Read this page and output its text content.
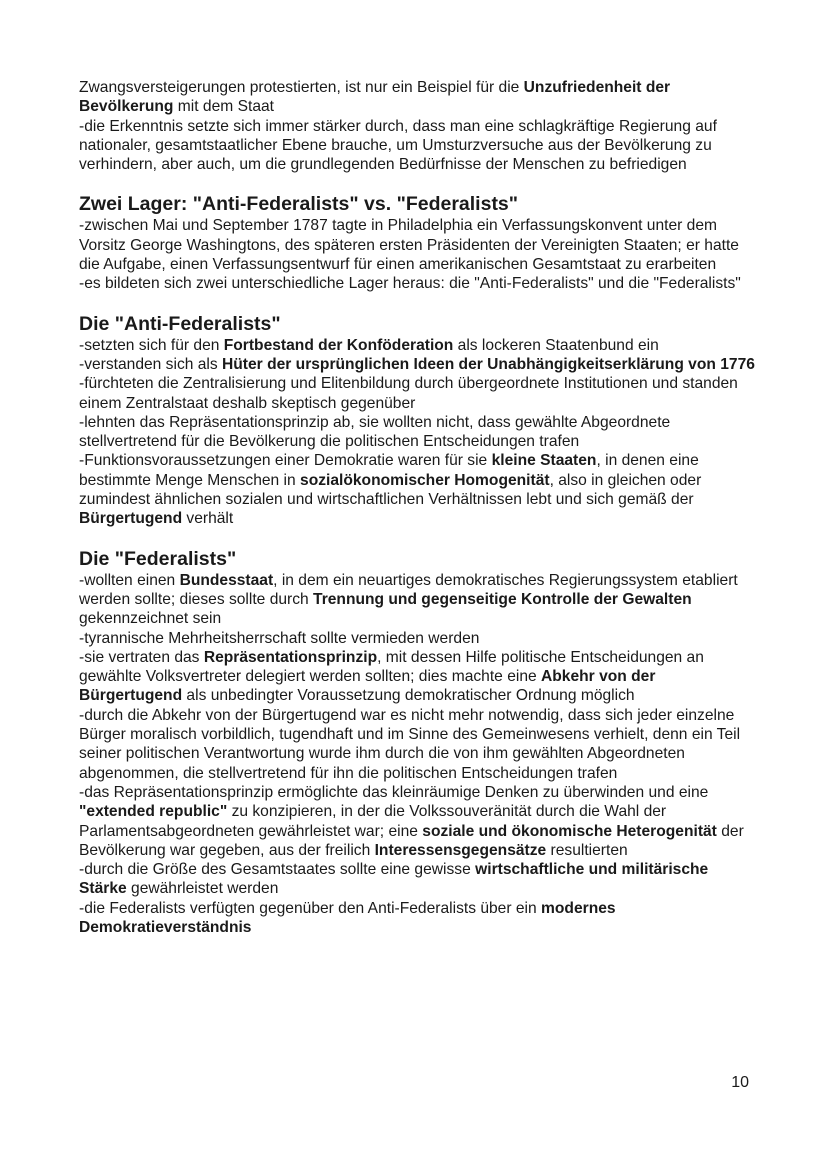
Zwangsversteigerungen protestierten, ist nur ein Beispiel für die Unzufriedenheit der Bevölkerung mit dem Staat

-die Erkenntnis setzte sich immer stärker durch, dass man eine schlagkräftige Regierung auf nationaler, gesamtstaatlicher Ebene brauche, um Umsturzversuche aus der Bevölkerung zu verhindern, aber auch, um die grundlegenden Bedürfnisse der Menschen zu befriedigen

Zwei Lager: "Anti-Federalists" vs. "Federalists"

-zwischen Mai und September 1787 tagte in Philadelphia ein Verfassungskonvent unter dem Vorsitz George Washingtons, des späteren ersten Präsidenten der Vereinigten Staaten; er hatte die Aufgabe, einen Verfassungsentwurf für einen amerikanischen Gesamtstaat zu erarbeiten

-es bildeten sich zwei unterschiedliche Lager heraus: die "Anti-Federalists" und die "Federalists"

Die "Anti-Federalists"

-setzten sich für den Fortbestand der Konföderation als lockeren Staatenbund ein

-verstanden sich als Hüter der ursprünglichen Ideen der Unabhängigkeitserklärung von 1776

-fürchteten die Zentralisierung und Elitenbildung durch übergeordnete Institutionen und standen einem Zentralstaat deshalb skeptisch gegenüber

-lehnten das Repräsentationsprinzip ab, sie wollten nicht, dass gewählte Abgeordnete stellvertretend für die Bevölkerung die politischen Entscheidungen trafen

-Funktionsvoraussetzungen einer Demokratie waren für sie kleine Staaten, in denen eine bestimmte Menge Menschen in sozialökonomischer Homogenität, also in gleichen oder zumindest ähnlichen sozialen und wirtschaftlichen Verhältnissen lebt und sich gemäß der Bürgertugend verhält

Die "Federalists"

-wollten einen Bundesstaat, in dem ein neuartiges demokratisches Regierungssystem etabliert werden sollte; dieses sollte durch Trennung und gegenseitige Kontrolle der Gewalten gekennzeichnet sein

-tyrannische Mehrheitsherrschaft sollte vermieden werden

-sie vertraten das Repräsentationsprinzip, mit dessen Hilfe politische Entscheidungen an gewählte Volksvertreter delegiert werden sollten; dies machte eine Abkehr von der Bürgertugend als unbedingter Voraussetzung demokratischer Ordnung möglich

-durch die Abkehr von der Bürgertugend war es nicht mehr notwendig, dass sich jeder einzelne Bürger moralisch vorbildlich, tugendhaft und im Sinne des Gemeinwesens verhielt, denn ein Teil seiner politischen Verantwortung wurde ihm durch die von ihm gewählten Abgeordneten abgenommen, die stellvertretend für ihn die politischen Entscheidungen trafen

-das Repräsentationsprinzip ermöglichte das kleinräumige Denken zu überwinden und eine "extended republic" zu konzipieren, in der die Volkssouveränität durch die Wahl der Parlamentsabgeordneten gewährleistet war; eine soziale und ökonomische Heterogenität der Bevölkerung war gegeben, aus der freilich Interessensgegensätze resultierten

-durch die Größe des Gesamtstaates sollte eine gewisse wirtschaftliche und militärische Stärke gewährleistet werden

-die Federalists verfügten gegenüber den Anti-Federalists über ein modernes Demokratieverständnis

10
